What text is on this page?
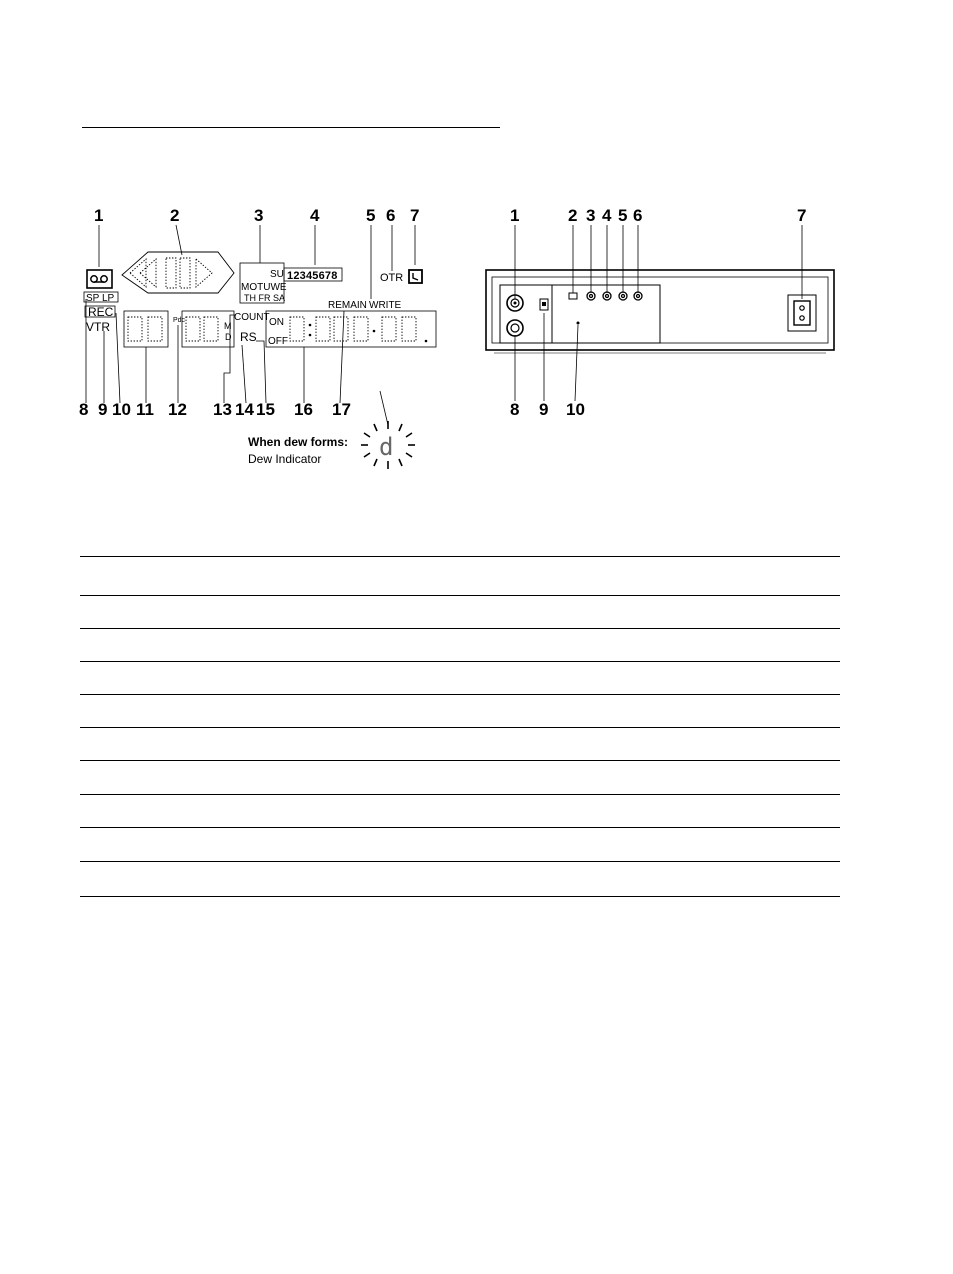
1	2	3	4	5 6 7
SP LP
REC
VTR
SU
MOTUWE
TH FR SA
12345678	OTR
REMAIN WRITE
Pdc
M
D
COUNT
RS
ON
OFF
8 9 10 11 12 13 14 15 16 17
When dew forms:
Dew Indicator d
1	2 3 4 5 6	7
8 9 10
